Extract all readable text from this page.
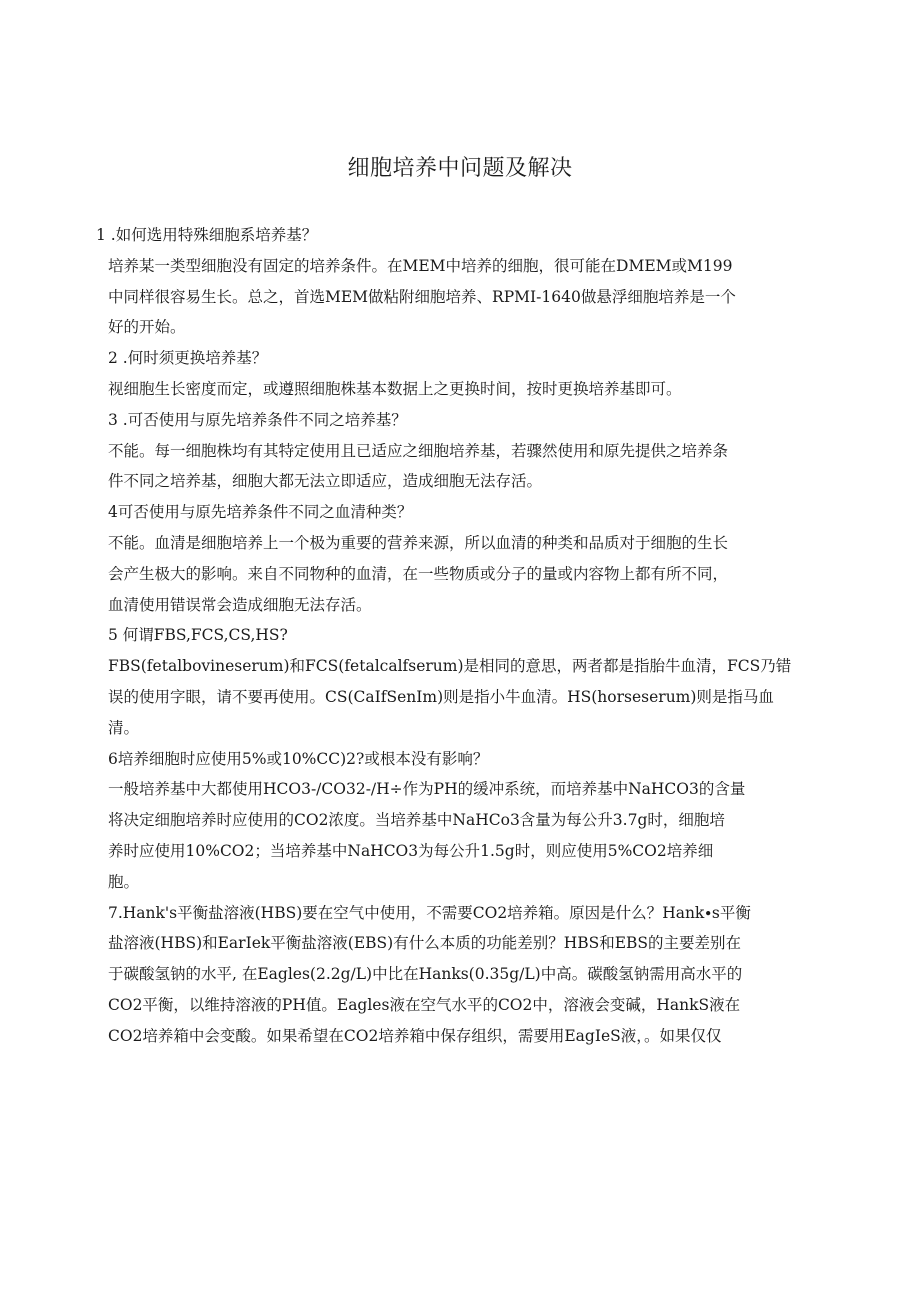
细胞培养中问题及解决

1 .如何选用特殊细胞系培养基？

培养某一类型细胞没有固定的培养条件。在MEM中培养的细胞，很可能在DMEM或M199
中同样很容易生长。总之，首选MEM做粘附细胞培养、RPMI-1640做悬浮细胞培养是一个
好的开始。

2 .何时须更换培养基？

视细胞生长密度而定，或遵照细胞株基本数据上之更换时间，按时更换培养基即可。

3 .可否使用与原先培养条件不同之培养基？

不能。每一细胞株均有其特定使用且已适应之细胞培养基，若骤然使用和原先提供之培养条
件不同之培养基，细胞大都无法立即适应，造成细胞无法存活。

4可否使用与原先培养条件不同之血清种类？

不能。血清是细胞培养上一个极为重要的营养来源，所以血清的种类和品质对于细胞的生长
会产生极大的影响。来自不同物种的血清，在一些物质或分子的量或内容物上都有所不同，
血清使用错误常会造成细胞无法存活。

5 何谓FBS,FCS,CS,HS?

FBS(fetalbovineserum)和FCS(fetalcalfserum)是相同的意思，两者都是指胎牛血清，FCS乃错
误的使用字眼，请不要再使用。CS(CaIfSenIm)则是指小牛血清。HS(horseserum)则是指马血
清。

6培养细胞时应使用5%或10%CC)2?或根本没有影响？

一般培养基中大都使用HCO3-∕CO32-∕H÷作为PH的缓冲系统，而培养基中NaHCO3的含量
将决定细胞培养时应使用的CO2浓度。当培养基中NaHCo3含量为每公升3.7g时，细胞培
养时应使用10%CO2；当培养基中NaHCO3为每公升1.5g时，则应使用5%CO2培养细
胞。
7.Hank's平衡盐溶液(HBS)要在空气中使用，不需要CO2培养箱。原因是什么？Hank∙s平衡
盐溶液(HBS)和EarIek平衡盐溶液(EBS)有什么本质的功能差别？HBS和EBS的主要差别在
于碳酸氢钠的水平, 在Eagles(2.2g∕L)中比在Hanks(0.35g∕L)中高。碳酸氢钠需用高水平的
CO2平衡，以维持溶液的PH值。Eagles液在空气水平的CO2中，溶液会变碱，HankS液在
CO2培养箱中会变酸。如果希望在CO2培养箱中保存组织，需要用EagIeS液，。如果仅仅
